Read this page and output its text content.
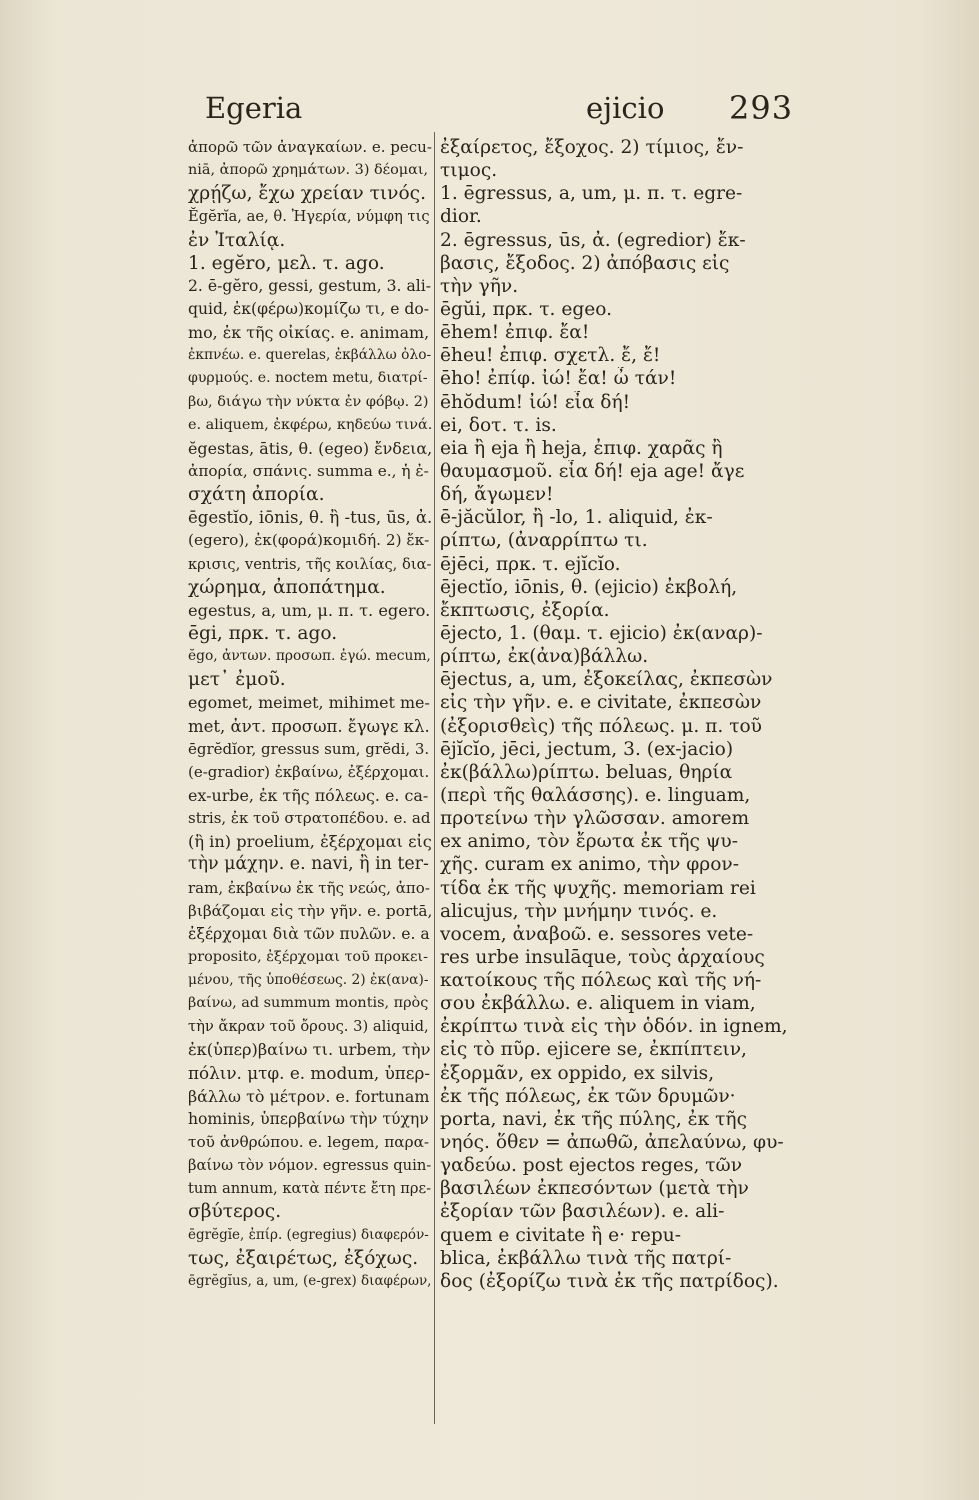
Egeria	ejicio 293
ἀπορῶ τῶν ἀναγκαίων. e. pecu-
niā, ἀπορῶ χρημάτων. 3) δέομαι,
χρῄζω, ἔχω χρείαν τινός.
Ĕgĕrĭa, ae, θ. Ἠγερία, νύμφη τις
ἐν Ἰταλίᾳ.
1. egĕro, μελ. τ. ago.
2. ē-gĕro, gessi, gestum, 3. ali-
quid, ἐκ(φέρω)κομίζω τι, e do-
mo, ἐκ τῆς οἰκίας. e. animam,
ἐκπνέω. e. querelas, ἐκβάλλω ὀλο-
φυρμούς. e. noctem metu, διατρί-
βω, διάγω τὴν νύκτα ἐν φόβῳ. 2)
e. aliquem, ἐκφέρω, κηδεύω τινά.
ĕgestas, ātis, θ. (egeo) ἔνδεια,
ἀπορία, σπάνις. summa e., ἡ ἐ-
σχάτη ἀπορία.
ēgestĭo, iōnis, θ. ἢ -tus, ūs, ἀ.
(egero), ἐκ(φορά)κομιδή. 2) ἔκ-
κρισις, ventris, τῆς κοιλίας, δια-
χώρημα, ἀποπάτημα.
egestus, a, um, μ. π. τ. egero.
ēgi, πρκ. τ. ago.
ĕgo, ἀντων. προσωπ. ἐγώ. mecum,
μετ᾽ ἐμοῦ.
egomet, meimet, mihimet me-
met, ἀντ. προσωπ. ἔγωγε κλ.
ēgrĕdĭor, gressus sum, grĕdi, 3.
(e-gradior) ἐκβαίνω, ἐξέρχομαι.
ex-urbe, ἐκ τῆς πόλεως. e. ca-
stris, ἐκ τοῦ στρατοπέδου. e. ad
(ἢ in) proelium, ἐξέρχομαι εἰς
τὴν μάχην. e. navi, ἢ in ter-
ram, ἐκβαίνω ἐκ τῆς νεώς, ἀπο-
βιβάζομαι εἰς τὴν γῆν. e. portā,
ἐξέρχομαι διὰ τῶν πυλῶν. e. a
proposito, ἐξέρχομαι τοῦ προκει-
μένου, τῆς ὑποθέσεως. 2) ἐκ(ανα)-
βαίνω, ad summum montis, πρὸς
τὴν ἄκραν τοῦ ὄρους. 3) aliquid,
ἐκ(ὑπερ)βαίνω τι. urbem, τὴν
πόλιν. μτφ. e. modum, ὑπερ-
βάλλω τὸ μέτρον. e. fortunam
hominis, ὑπερβαίνω τὴν τύχην
τοῦ ἀνθρώπου. e. legem, παρα-
βαίνω τὸν νόμον. egressus quin-
tum annum, κατὰ πέντε ἔτη πρε-
σβύτερος.
ēgrĕgĭe, ἐπίρ. (egregius) διαφερόν-
τως, ἐξαιρέτως, ἐξόχως.
ēgrĕgĭus, a, um, (e-grex) διαφέρων,
ἐξαίρετος, ἔξοχος. 2) τίμιος, ἔν-
τιμος.
1. ēgressus, a, um, μ. π. τ. egre-
dior.
2. ēgressus, ūs, ἀ. (egredior) ἔκ-
βασις, ἔξοδος. 2) ἀπόβασις εἰς
τὴν γῆν.
ēgŭi, πρκ. τ. egeo.
ēhem! ἐπιφ. ἔα!
ēheu! ἐπιφ. σχετλ. ἔ, ἔ!
ēho! ἐπίφ. ἰώ! ἔα! ὦ τάν!
ēhŏdum! ἰώ! εἶα δή!
ei, δοτ. τ. is.
eia ἢ eja ἢ heja, ἐπιφ. χαρᾶς ἢ
θαυμασμοῦ. εἶα δή! eja age! ἄγε
δή, ἄγωμεν!
ē-jăcŭlor, ἢ -lo, 1. aliquid, ἐκ-
ρίπτω, (ἀναρρίπτω τι.
ējēci, πρκ. τ. ejĭcĭo.
ējectĭo, iōnis, θ. (ejicio) ἐκβολή,
ἔκπτωσις, ἐξορία.
ējecto, 1. (θαμ. τ. ejicio) ἐκ(αναρ)-
ρίπτω, ἐκ(ἀνα)βάλλω.
ējectus, a, um, ἐξοκείλας, ἐκπεσὼν
εἰς τὴν γῆν. e. e civitate, ἐκπεσὼν
(ἐξορισθεὶς) τῆς πόλεως. μ. π. τοῦ
ējĭcĭo, jēci, jectum, 3. (ex-jacio)
ἐκ(βάλλω)ρίπτω. beluas, θηρία
(περὶ τῆς θαλάσσης). e. linguam,
προτείνω τὴν γλῶσσαν. amorem
ex animo, τὸν ἔρωτα ἐκ τῆς ψυ-
χῆς. curam ex animo, τὴν φρον-
τίδα ἐκ τῆς ψυχῆς. memoriam rei
alicujus, τὴν μνήμην τινός. e.
vocem, ἀναβοῶ. e. sessores vete-
res urbe insulāque, τοὺς ἀρχαίους
κατοίκους τῆς πόλεως καὶ τῆς νή-
σου ἐκβάλλω. e. aliquem in viam,
ἐκρίπτω τινὰ εἰς τὴν ὁδόν. in ignem,
εἰς τὸ πῦρ. ejicere se, ἐκπίπτειν,
ἐξορμᾶν, ex oppido, ex silvis,
ἐκ τῆς πόλεως, ἐκ τῶν δρυμῶν·
porta, navi, ἐκ τῆς πύλης, ἐκ τῆς
νηός. ὅθεν = ἀπωθῶ, ἀπελαύνω, φυ-
γαδεύω. post ejectos reges, τῶν
βασιλέων ἐκπεσόντων (μετὰ τὴν
ἐξορίαν τῶν βασιλέων). e. ali-
quem e civitate ἢ e· repu-
blica, ἐκβάλλω τινὰ τῆς πατρί-
δος (ἐξορίζω τινὰ ἐκ τῆς πατρίδος).
